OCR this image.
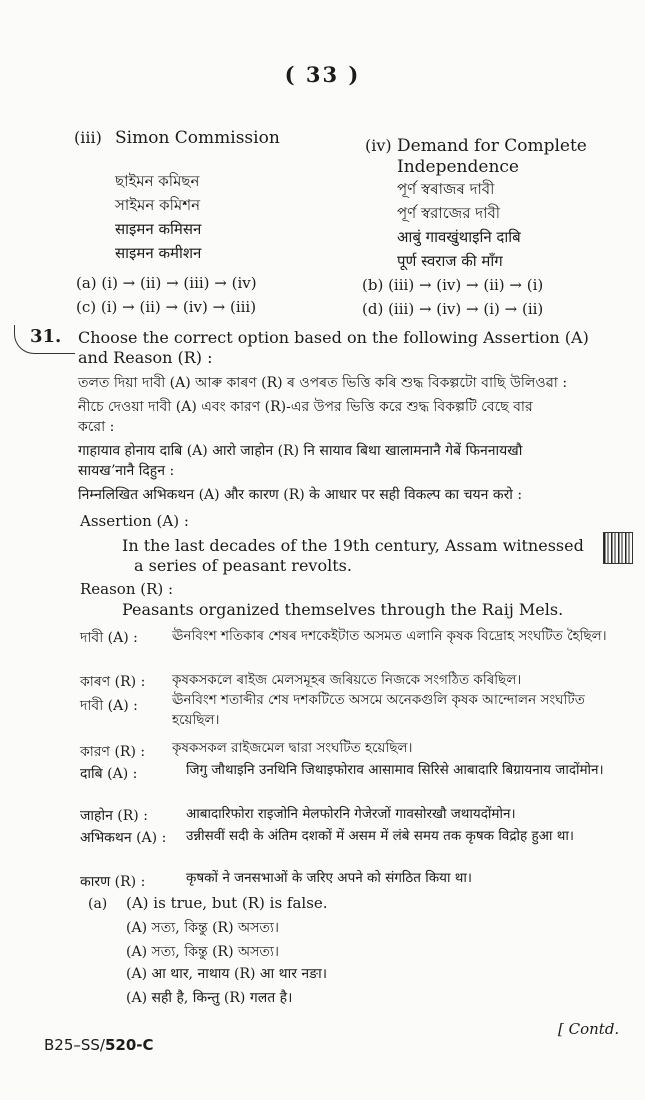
( 33 )
(iii) Simon Commission
ছাইমন কমিছন
সাইমন কমিশন
साइमन कमिसन
साइमन कमीशन
(iv) Demand for Complete
Independence
পূৰ্ণ স্বৰাজৰ দাবী
পূর্ণ স্বরাজের দাবী
आबुं गावखुंथाइनि दाबि
पूर्ण स्वराज की माँग
(a) (i) → (ii) → (iii) → (iv)	(b) (iii) → (iv) → (ii) → (i)
(c) (i) → (ii) → (iv) → (iii)	(d) (iii) → (iv) → (i) → (ii)
31. Choose the correct option based on the following Assertion (A)
and Reason (R) :
তলত দিয়া দাবী (A) আৰু কাৰণ (R) ৰ ওপৰত ভিত্তি কৰি শুদ্ধ বিকল্পটো বাছি উলিওৱা :
নীচে দেওয়া দাবী (A) এবং কারণ (R)-এর উপর ভিত্তি করে শুদ্ধ বিকল্পটি বেছে বার
করো :
गाहायाव होनाय दाबि (A) आरो जाहोन (R) नि सायाव बिथा खालामनानै गेबें फिननायखौ
सायखʼनानै दिहुन :
निम्नलिखित अभिकथन (A) और कारण (R) के आधार पर सही विकल्प का चयन करो :
Assertion (A) :
In the last decades of the 19th century, Assam witnessed
a series of peasant revolts.
Reason (R) :
Peasants organized themselves through the Raij Mels.
দাবী (A) :	ঊনবিংশ শতিকাৰ শেষৰ দশকেইটাত অসমত এলানি কৃষক বিদ্ৰোহ সংঘটিত হৈছিল।
কাৰণ (R) : কৃষকসকলে ৰাইজ মেলসমূহৰ জৰিয়তে নিজকে সংগঠিত কৰিছিল।
দাবী (A) :	ঊনবিংশ শতাব্দীর শেষ দশকটিতে অসমে অনেকগুলি কৃষক আন্দোলন সংঘটিত হয়েছিল।
কারণ (R) : কৃষকসকল রাইজমেল দ্বারা সংঘটিত হয়েছিল।
दाबि (A) :	जिगु जौथाइनि उनथिनि जिथाइफोराव आसामाव सिरिसे आबादारि बिग्रायनाय जादोंमोन।
जाहोन (R) :	आबादारिफोरा राइजोनि मेलफोरनि गेजेरजों गावसोरखौ जथायदोंमोन।
अभिकथन (A) : उन्नीसवीं सदी के अंतिम दशकों में असम में लंबे समय तक कृषक विद्रोह हुआ था।
कारण (R) :	कृषकों ने जनसभाओं के जरिए अपने को संगठित किया था।
(a) (A) is true, but (R) is false.
(A) সত্য, কিন্তু (R) অসত্য।
(A) সত্য, কিন্তু (R) অসত্য।
(A) आ थार, नाथाय (R) आ थार नङा।
(A) सही है, किन्तु (R) गलत है।
B25–SS/520-C
[ Contd.
